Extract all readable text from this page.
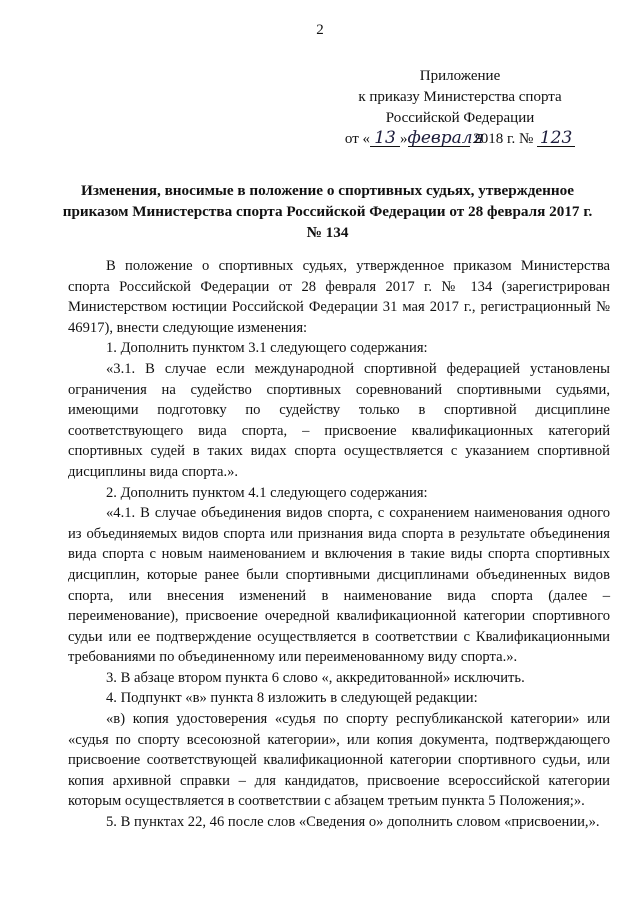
2
Приложение
к приказу Министерства спорта
Российской Федерации
от « 13 »февраля 2018 г. № 123
Изменения, вносимые в положение о спортивных судьях, утвержденное приказом Министерства спорта Российской Федерации от 28 февраля 2017 г. № 134

В положение о спортивных судьях, утвержденное приказом Министерства спорта Российской Федерации от 28 февраля 2017 г. № 134 (зарегистрирован Министерством юстиции Российской Федерации 31 мая 2017 г., регистрационный № 46917), внести следующие изменения:

1. Дополнить пунктом 3.1 следующего содержания:

«3.1. В случае если международной спортивной федерацией установлены ограничения на судейство спортивных соревнований спортивными судьями, имеющими подготовку по судейству только в спортивной дисциплине соответствующего вида спорта, – присвоение квалификационных категорий спортивных судей в таких видах спорта осуществляется с указанием спортивной дисциплины вида спорта.».

2. Дополнить пунктом 4.1 следующего содержания:

«4.1. В случае объединения видов спорта, с сохранением наименования одного из объединяемых видов спорта или признания вида спорта в результате объединения вида спорта с новым наименованием и включения в такие виды спорта спортивных дисциплин, которые ранее были спортивными дисциплинами объединенных видов спорта, или внесения изменений в наименование вида спорта (далее – переименование), присвоение очередной квалификационной категории спортивного судьи или ее подтверждение осуществляется в соответствии с Квалификационными требованиями по объединенному или переименованному виду спорта.».

3. В абзаце втором пункта 6 слово «, аккредитованной» исключить.

4. Подпункт «в» пункта 8 изложить в следующей редакции:

«в) копия удостоверения «судья по спорту республиканской категории» или «судья по спорту всесоюзной категории», или копия документа, подтверждающего присвоение соответствующей квалификационной категории спортивного судьи, или копия архивной справки – для кандидатов, присвоение всероссийской категории которым осуществляется в соответствии с абзацем третьим пункта 5 Положения;».

5. В пунктах 22, 46 после слов «Сведения о» дополнить словом «присвоении,».
